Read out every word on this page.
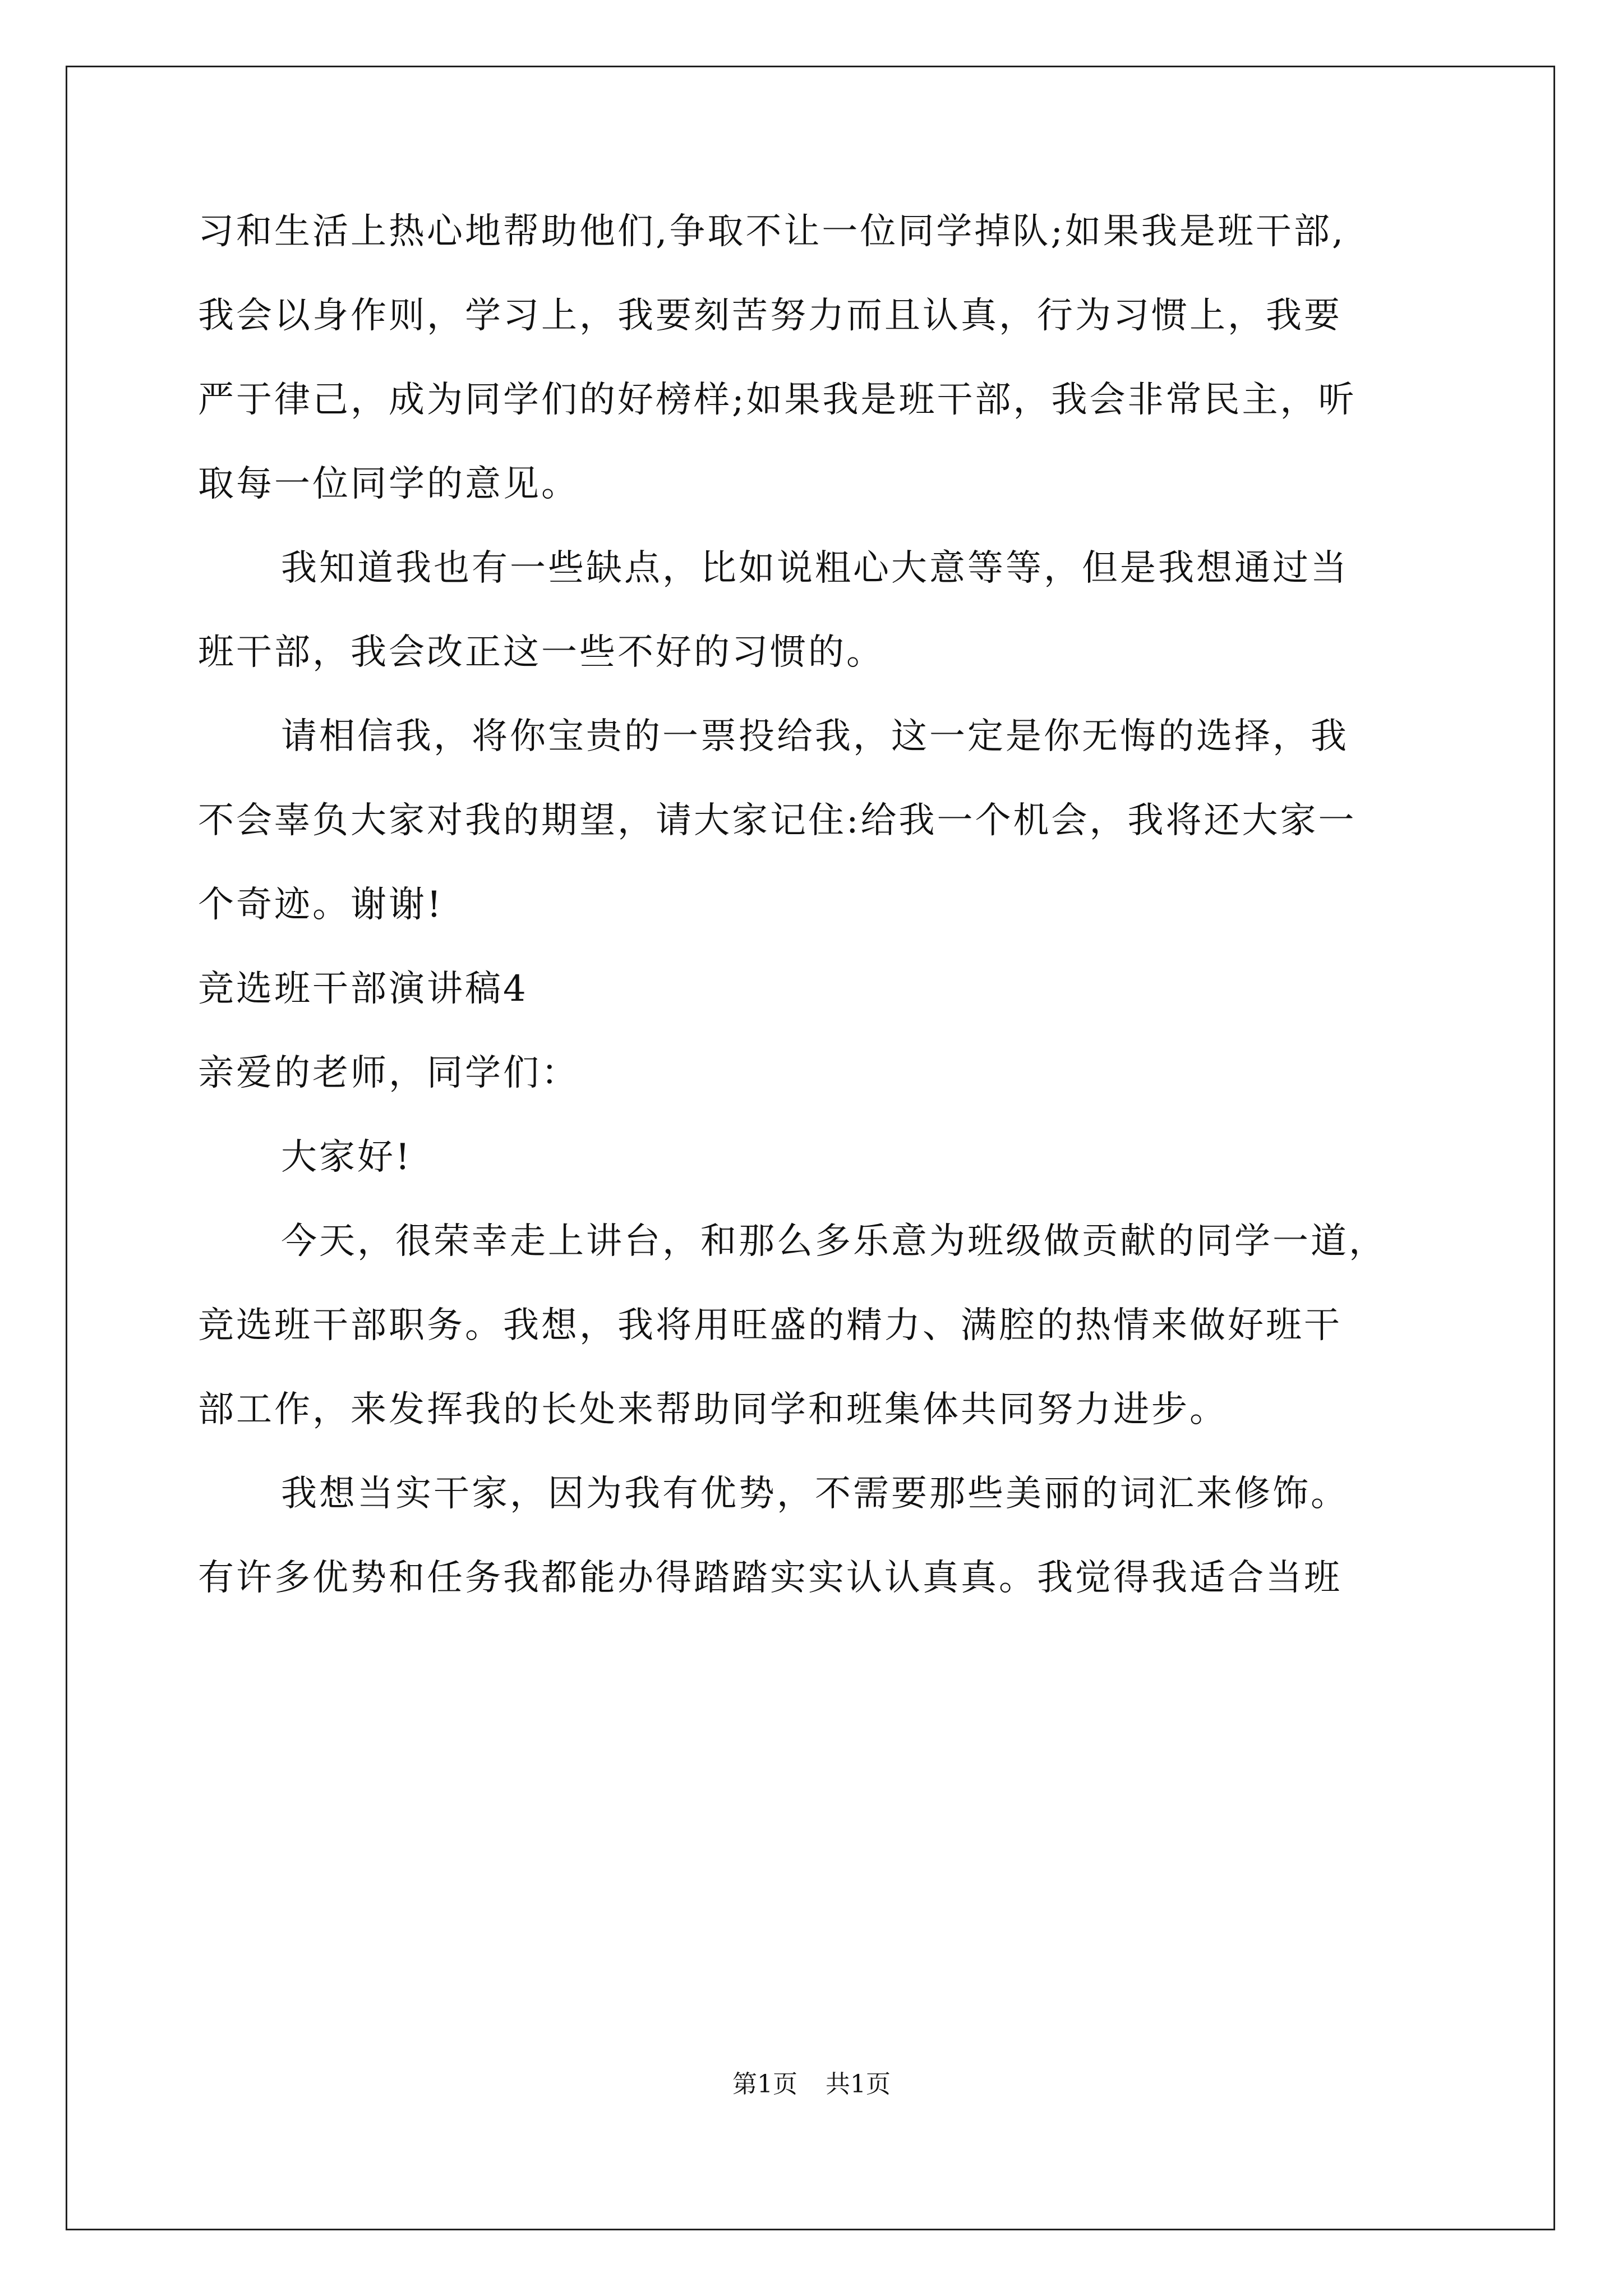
习和生活上热心地帮助他们,争取不让一位同学掉队;如果我是班干部,
我会以身作则，学习上，我要刻苦努力而且认真，行为习惯上，我要
严于律己，成为同学们的好榜样;如果我是班干部，我会非常民主，听
取每一位同学的意见。
我知道我也有一些缺点，比如说粗心大意等等，但是我想通过当
班干部，我会改正这一些不好的习惯的。
请相信我，将你宝贵的一票投给我，这一定是你无悔的选择，我
不会辜负大家对我的期望，请大家记住:给我一个机会，我将还大家一
个奇迹。谢谢!
竞选班干部演讲稿4
亲爱的老师，同学们：
大家好!
今天，很荣幸走上讲台，和那么多乐意为班级做贡献的同学一道，
竞选班干部职务。我想，我将用旺盛的精力、满腔的热情来做好班干
部工作，来发挥我的长处来帮助同学和班集体共同努力进步。
我想当实干家，因为我有优势，不需要那些美丽的词汇来修饰。
有许多优势和任务我都能办得踏踏实实认认真真。我觉得我适合当班
第1页 共1页
